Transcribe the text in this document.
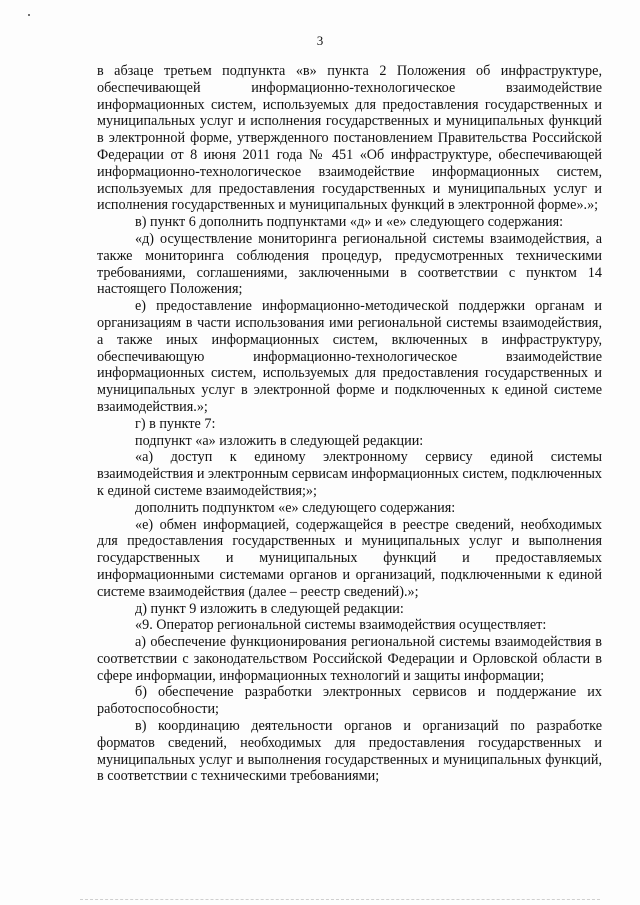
3

в абзаце третьем подпункта «в» пункта 2 Положения об инфраструктуре, обеспечивающей информационно-технологическое взаимодействие информационных систем, используемых для предоставления государственных и муниципальных услуг и исполнения государственных и муниципальных функций в электронной форме, утвержденного постановлением Правительства Российской Федерации от 8 июня 2011 года № 451 «Об инфраструктуре, обеспечивающей информационно-технологическое взаимодействие информационных систем, используемых для предоставления государственных и муниципальных услуг и исполнения государственных и муниципальных функций в электронной форме».»;

в) пункт 6 дополнить подпунктами «д» и «е» следующего содержания:

«д) осуществление мониторинга региональной системы взаимодействия, а также мониторинга соблюдения процедур, предусмотренных техническими требованиями, соглашениями, заключенными в соответствии с пунктом 14 настоящего Положения;

е) предоставление информационно-методической поддержки органам и организациям в части использования ими региональной системы взаимодействия, а также иных информационных систем, включенных в инфраструктуру, обеспечивающую информационно-технологическое взаимодействие информационных систем, используемых для предоставления государственных и муниципальных услуг в электронной форме и подключенных к единой системе взаимодействия.»;

г) в пункте 7:

подпункт «а» изложить в следующей редакции:

«а) доступ к единому электронному сервису единой системы взаимодействия и электронным сервисам информационных систем, подключенных к единой системе взаимодействия;»;

дополнить подпунктом «е» следующего содержания:

«е) обмен информацией, содержащейся в реестре сведений, необходимых для предоставления государственных и муниципальных услуг и выполнения государственных и муниципальных функций и предоставляемых информационными системами органов и организаций, подключенными к единой системе взаимодействия (далее – реестр сведений).»;

д) пункт 9 изложить в следующей редакции:

«9. Оператор региональной системы взаимодействия осуществляет:

а) обеспечение функционирования региональной системы взаимодействия в соответствии с законодательством Российской Федерации и Орловской области в сфере информации, информационных технологий и защиты информации;

б) обеспечение разработки электронных сервисов и поддержание их работоспособности;

в) координацию деятельности органов и организаций по разработке форматов сведений, необходимых для предоставления государственных и муниципальных услуг и выполнения государственных и муниципальных функций, в соответствии с техническими требованиями;
